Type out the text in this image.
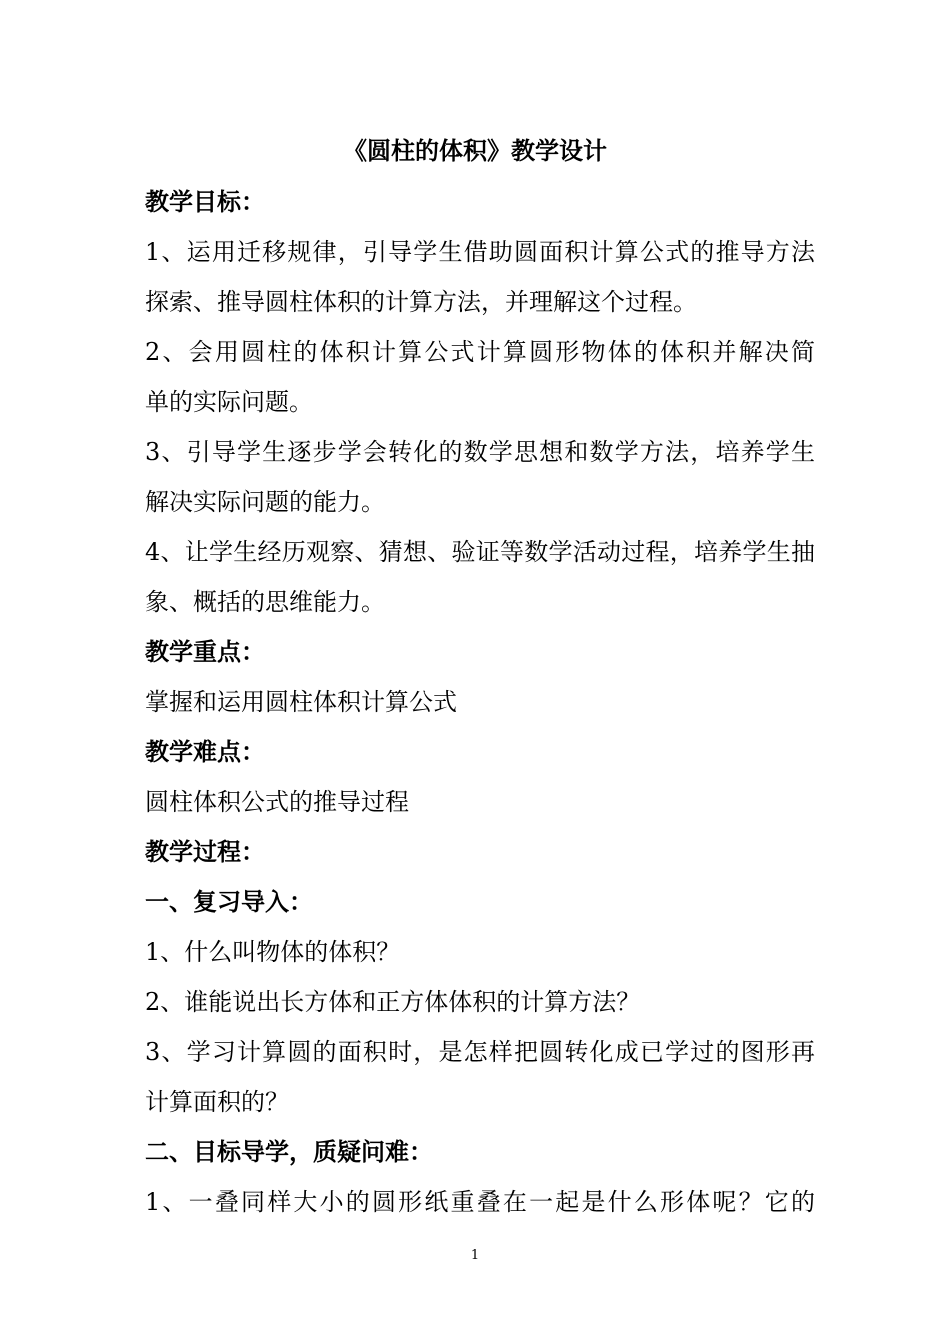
《圆柱的体积》教学设计
教学目标：
1、运用迁移规律，引导学生借助圆面积计算公式的推导方法
探索、推导圆柱体积的计算方法，并理解这个过程。
2、会用圆柱的体积计算公式计算圆形物体的体积并解决简
单的实际问题。
3、引导学生逐步学会转化的数学思想和数学方法，培养学生
解决实际问题的能力。
4、让学生经历观察、猜想、验证等数学活动过程，培养学生抽
象、概括的思维能力。
教学重点：
掌握和运用圆柱体积计算公式
教学难点：
圆柱体积公式的推导过程
教学过程：
一、复习导入：
1、什么叫物体的体积？
2、谁能说出长方体和正方体体积的计算方法？
3、学习计算圆的面积时，是怎样把圆转化成已学过的图形再
计算面积的？
二、目标导学，质疑问难：
1、一叠同样大小的圆形纸重叠在一起是什么形体呢？它的
1
